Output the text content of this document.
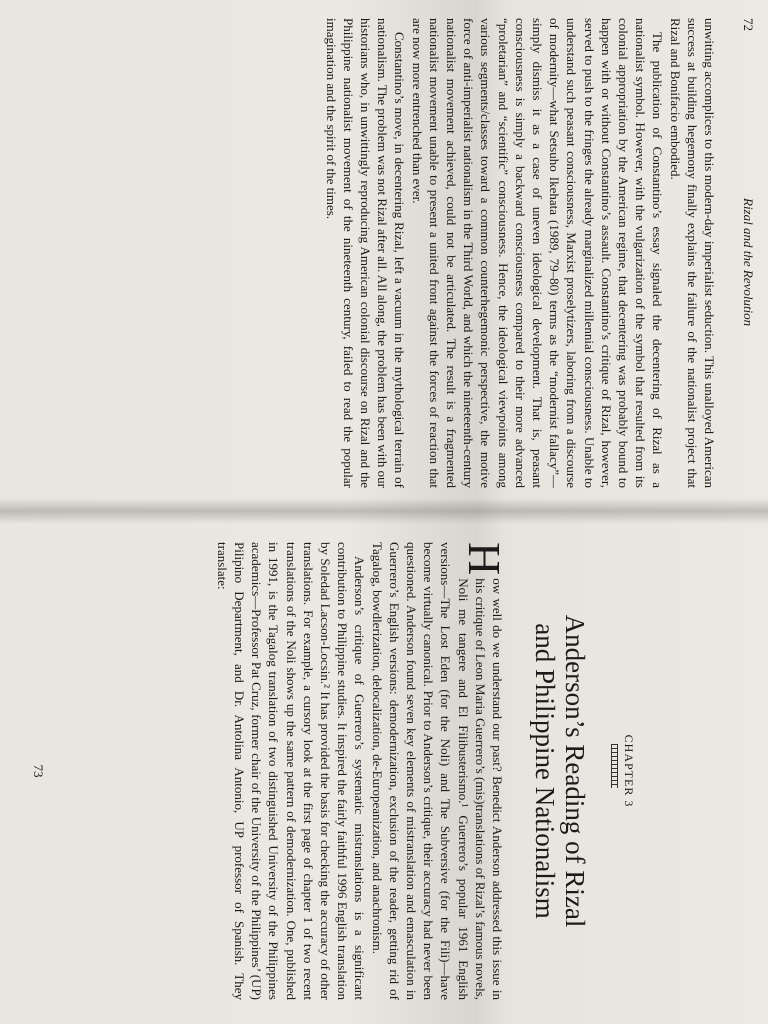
72
Rizal and the Revolution

unwitting accomplices to this modern-day imperialist seduction. This unalloyed American success at building hegemony finally explains the failure of the nationalist project that Rizal and Bonifacio embodied.

The publication of Constantino’s essay signaled the decentering of Rizal as a nationalist symbol. However, with the vulgarization of the symbol that resulted from its colonial appropriation by the American regime, that decentering was probably bound to happen with or without Constantino’s assault. Constantino’s critique of Rizal, however, served to push to the fringes the already marginalized millennial consciousness. Unable to understand such peasant consciousness, Marxist proselytizers, laboring from a discourse of modernity—what Setsuho Ikehata (1989, 79–80) terms as the “modernist fallacy”—simply dismiss it as a case of uneven ideological development. That is, peasant consciousness is simply a backward consciousness compared to their more advanced “proletarian” and “scientific” consciousness. Hence, the ideological viewpoints among various segments/classes toward a common counterhegemonic perspective, the motive force of anti-imperialist nationalism in the Third World, and which the nineteenth-century nationalist movement achieved, could not be articulated. The result is a fragmented nationalist movement unable to present a united front against the forces of reaction that are now more entrenched than ever.

Constantino’s move, in decentering Rizal, left a vacuum in the mythological terrain of nationalism. The problem was not Rizal after all. All along, the problem has been with our historians who, in unwittingly reproducing American colonial discourse on Rizal and the Philippine nationalist movement of the nineteenth century, failed to read the popular imagination and the spirit of the times.

CHAPTER 3
Anderson’s Reading of Rizal
and Philippine Nationalism

H
ow well do we understand our past? Benedict Anderson addressed this issue in his critique of Leon Maria Guerrero’s (mis)translations of Rizal’s famous novels, Noli me tangere and El Filibusterismo.¹ Guerrero’s popular 1961 English versions—The Lost Eden (for the Noli) and The Subversive (for the Fili)—have become virtually canonical. Prior to Anderson’s critique, their accuracy had never been questioned. Anderson found seven key elements of mistranslation and emasculation in Guerrero’s English versions: demodernization, exclusion of the reader, getting rid of Tagalog, bowdlerization, delocalization, de-Europeanization, and anachronism.

Anderson’s critique of Guerrero’s systematic mistranslations is a significant contribution to Philippine studies. It inspired the fairly faithful 1996 English translation by Soledad Lacson-Locsin.² It has provided the basis for checking the accuracy of other translations. For example, a cursory look at the first page of chapter 1 of two recent translations of the Noli shows up the same pattern of demodernization. One, published in 1991, is the Tagalog translation of two distinguished University of the Philippines academics—Professor Pat Cruz, former chair of the University of the Philippines’ (UP) Pilipino Department, and Dr. Antolina Antonio, UP professor of Spanish. They translate:

73
